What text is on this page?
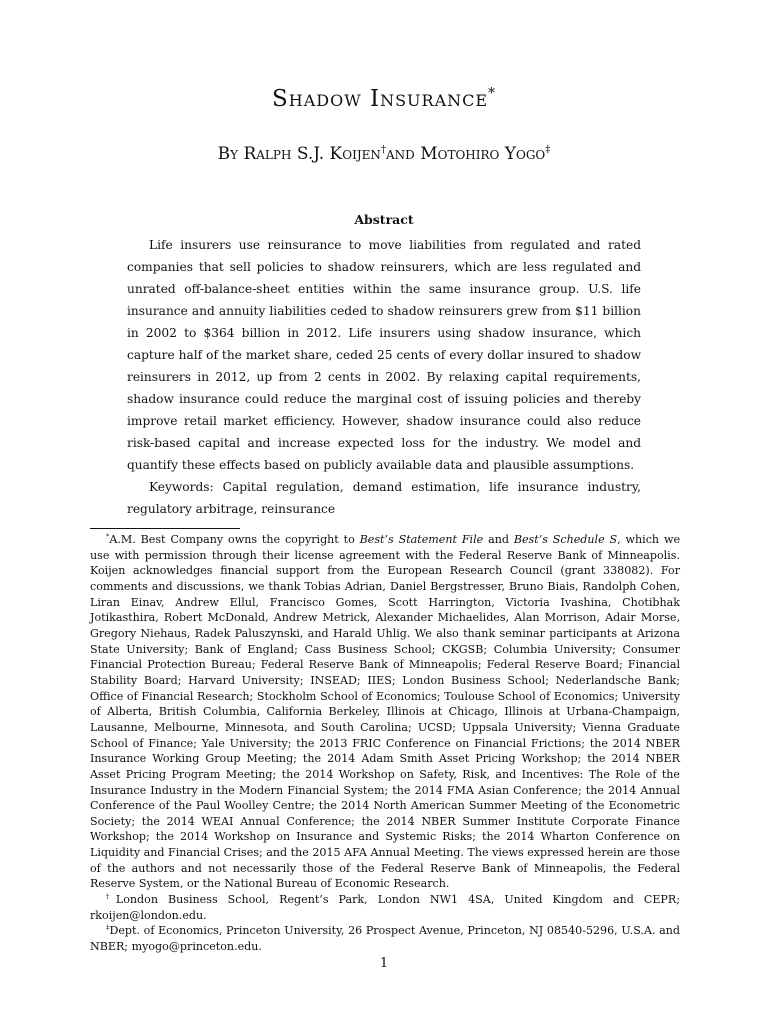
Shadow Insurance*
By Ralph S.J. Koijen†and Motohiro Yogo‡
Abstract

Life insurers use reinsurance to move liabilities from regulated and rated companies that sell policies to shadow reinsurers, which are less regulated and unrated off-balance-sheet entities within the same insurance group. U.S. life insurance and annuity liabilities ceded to shadow reinsurers grew from $11 billion in 2002 to $364 billion in 2012. Life insurers using shadow insurance, which capture half of the market share, ceded 25 cents of every dollar insured to shadow reinsurers in 2012, up from 2 cents in 2002. By relaxing capital requirements, shadow insurance could reduce the marginal cost of issuing policies and thereby improve retail market efficiency. However, shadow insurance could also reduce risk-based capital and increase expected loss for the industry. We model and quantify these effects based on publicly available data and plausible assumptions.

Keywords: Capital regulation, demand estimation, life insurance industry, regulatory arbitrage, reinsurance

*A.M. Best Company owns the copyright to Best’s Statement File and Best’s Schedule S, which we use with permission through their license agreement with the Federal Reserve Bank of Minneapolis. Koijen acknowledges financial support from the European Research Council (grant 338082). For comments and discussions, we thank Tobias Adrian, Daniel Bergstresser, Bruno Biais, Randolph Cohen, Liran Einav, Andrew Ellul, Francisco Gomes, Scott Harrington, Victoria Ivashina, Chotibhak Jotikasthira, Robert McDonald, Andrew Metrick, Alexander Michaelides, Alan Morrison, Adair Morse, Gregory Niehaus, Radek Paluszynski, and Harald Uhlig. We also thank seminar participants at Arizona State University; Bank of England; Cass Business School; CKGSB; Columbia University; Consumer Financial Protection Bureau; Federal Reserve Bank of Minneapolis; Federal Reserve Board; Financial Stability Board; Harvard University; INSEAD; IIES; London Business School; Nederlandsche Bank; Office of Financial Research; Stockholm School of Economics; Toulouse School of Economics; University of Alberta, British Columbia, California Berkeley, Illinois at Chicago, Illinois at Urbana-Champaign, Lausanne, Melbourne, Minnesota, and South Carolina; UCSD; Uppsala University; Vienna Graduate School of Finance; Yale University; the 2013 FRIC Conference on Financial Frictions; the 2014 NBER Insurance Working Group Meeting; the 2014 Adam Smith Asset Pricing Workshop; the 2014 NBER Asset Pricing Program Meeting; the 2014 Workshop on Safety, Risk, and Incentives: The Role of the Insurance Industry in the Modern Financial System; the 2014 FMA Asian Conference; the 2014 Annual Conference of the Paul Woolley Centre; the 2014 North American Summer Meeting of the Econometric Society; the 2014 WEAI Annual Conference; the 2014 NBER Summer Institute Corporate Finance Workshop; the 2014 Workshop on Insurance and Systemic Risks; the 2014 Wharton Conference on Liquidity and Financial Crises; and the 2015 AFA Annual Meeting. The views expressed herein are those of the authors and not necessarily those of the Federal Reserve Bank of Minneapolis, the Federal Reserve System, or the National Bureau of Economic Research.

†London Business School, Regent’s Park, London NW1 4SA, United Kingdom and CEPR; rkoijen@london.edu.

‡Dept. of Economics, Princeton University, 26 Prospect Avenue, Princeton, NJ 08540-5296, U.S.A. and NBER; myogo@princeton.edu.

1
